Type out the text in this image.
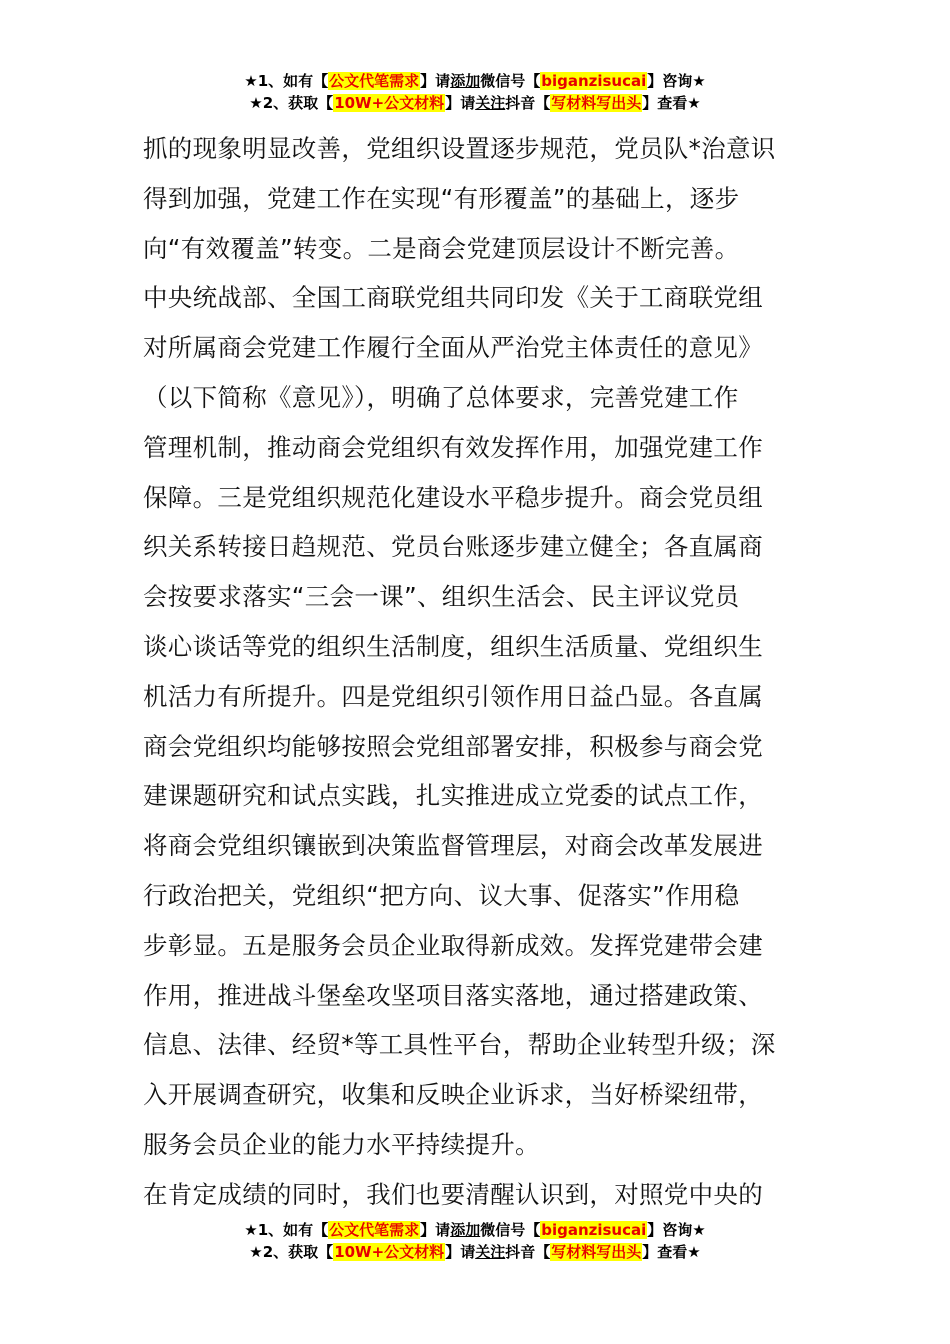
★1、如有【公文代笔需求】请添加微信号【biganzisucai】咨询★
★2、获取【10W+公文材料】请关注抖音【写材料写出头】查看★
抓的现象明显改善，党组织设置逐步规范，党员队*治意识
得到加强，党建工作在实现“有形覆盖”的基础上，逐步
向“有效覆盖”转变。二是商会党建顶层设计不断完善。
中央统战部、全国工商联党组共同印发《关于工商联党组
对所属商会党建工作履行全面从严治党主体责任的意见》
（以下简称《意见》），明确了总体要求，完善党建工作
管理机制，推动商会党组织有效发挥作用，加强党建工作
保障。三是党组织规范化建设水平稳步提升。商会党员组
织关系转接日趋规范、党员台账逐步建立健全；各直属商
会按要求落实“三会一课”、组织生活会、民主评议党员
谈心谈话等党的组织生活制度，组织生活质量、党组织生
机活力有所提升。四是党组织引领作用日益凸显。各直属
商会党组织均能够按照会党组部署安排，积极参与商会党
建课题研究和试点实践，扎实推进成立党委的试点工作，
将商会党组织镶嵌到决策监督管理层，对商会改革发展进
行政治把关，党组织“把方向、议大事、促落实”作用稳
步彰显。五是服务会员企业取得新成效。发挥党建带会建
作用，推进战斗堡垒攻坚项目落实落地，通过搭建政策、
信息、法律、经贸*等工具性平台，帮助企业转型升级；深
入开展调查研究，收集和反映企业诉求，当好桥梁纽带，
服务会员企业的能力水平持续提升。
在肯定成绩的同时，我们也要清醒认识到，对照党中央的
★1、如有【公文代笔需求】请添加微信号【biganzisucai】咨询★
★2、获取【10W+公文材料】请关注抖音【写材料写出头】查看★
